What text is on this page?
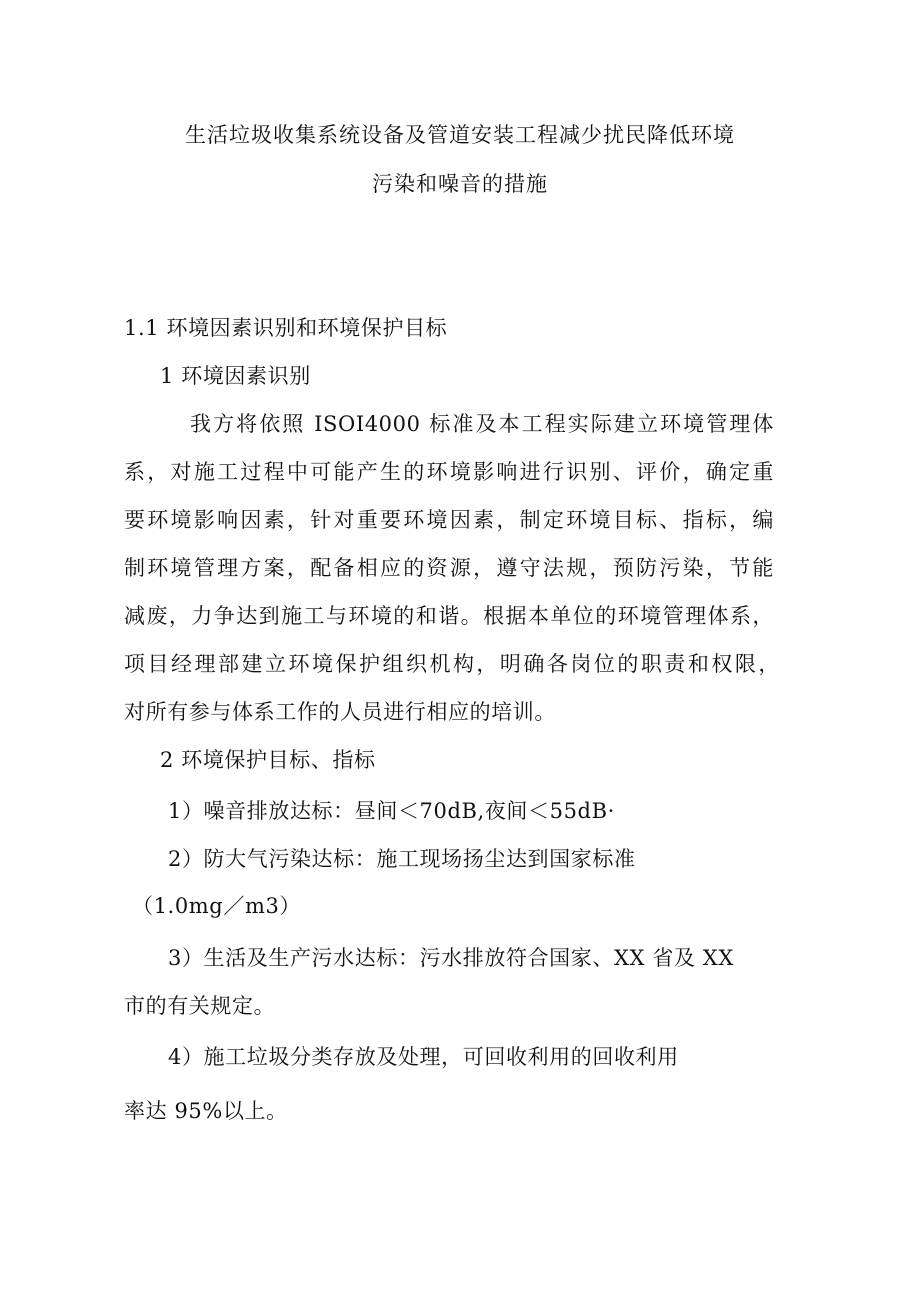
生活垃圾收集系统设备及管道安装工程减少扰民降低环境
污染和噪音的措施
1.1 环境因素识别和环境保护目标
1 环境因素识别
我方将依照 ISOI4000 标准及本工程实际建立环境管理体
系，对施工过程中可能产生的环境影响进行识别、评价，确定重
要环境影响因素，针对重要环境因素，制定环境目标、指标，编
制环境管理方案，配备相应的资源，遵守法规，预防污染，节能
减废，力争达到施工与环境的和谐。根据本单位的环境管理体系，
项目经理部建立环境保护组织机构，明确各岗位的职责和权限，
对所有参与体系工作的人员进行相应的培训。
2 环境保护目标、指标
1）噪音排放达标：昼间＜70dB,夜间＜55dB·
2）防大气污染达标：施工现场扬尘达到国家标准
（1.0mg／m3）
3）生活及生产污水达标：污水排放符合国家、XX 省及 XX
市的有关规定。
4）施工垃圾分类存放及处理，可回收利用的回收利用
率达 95%以上。
